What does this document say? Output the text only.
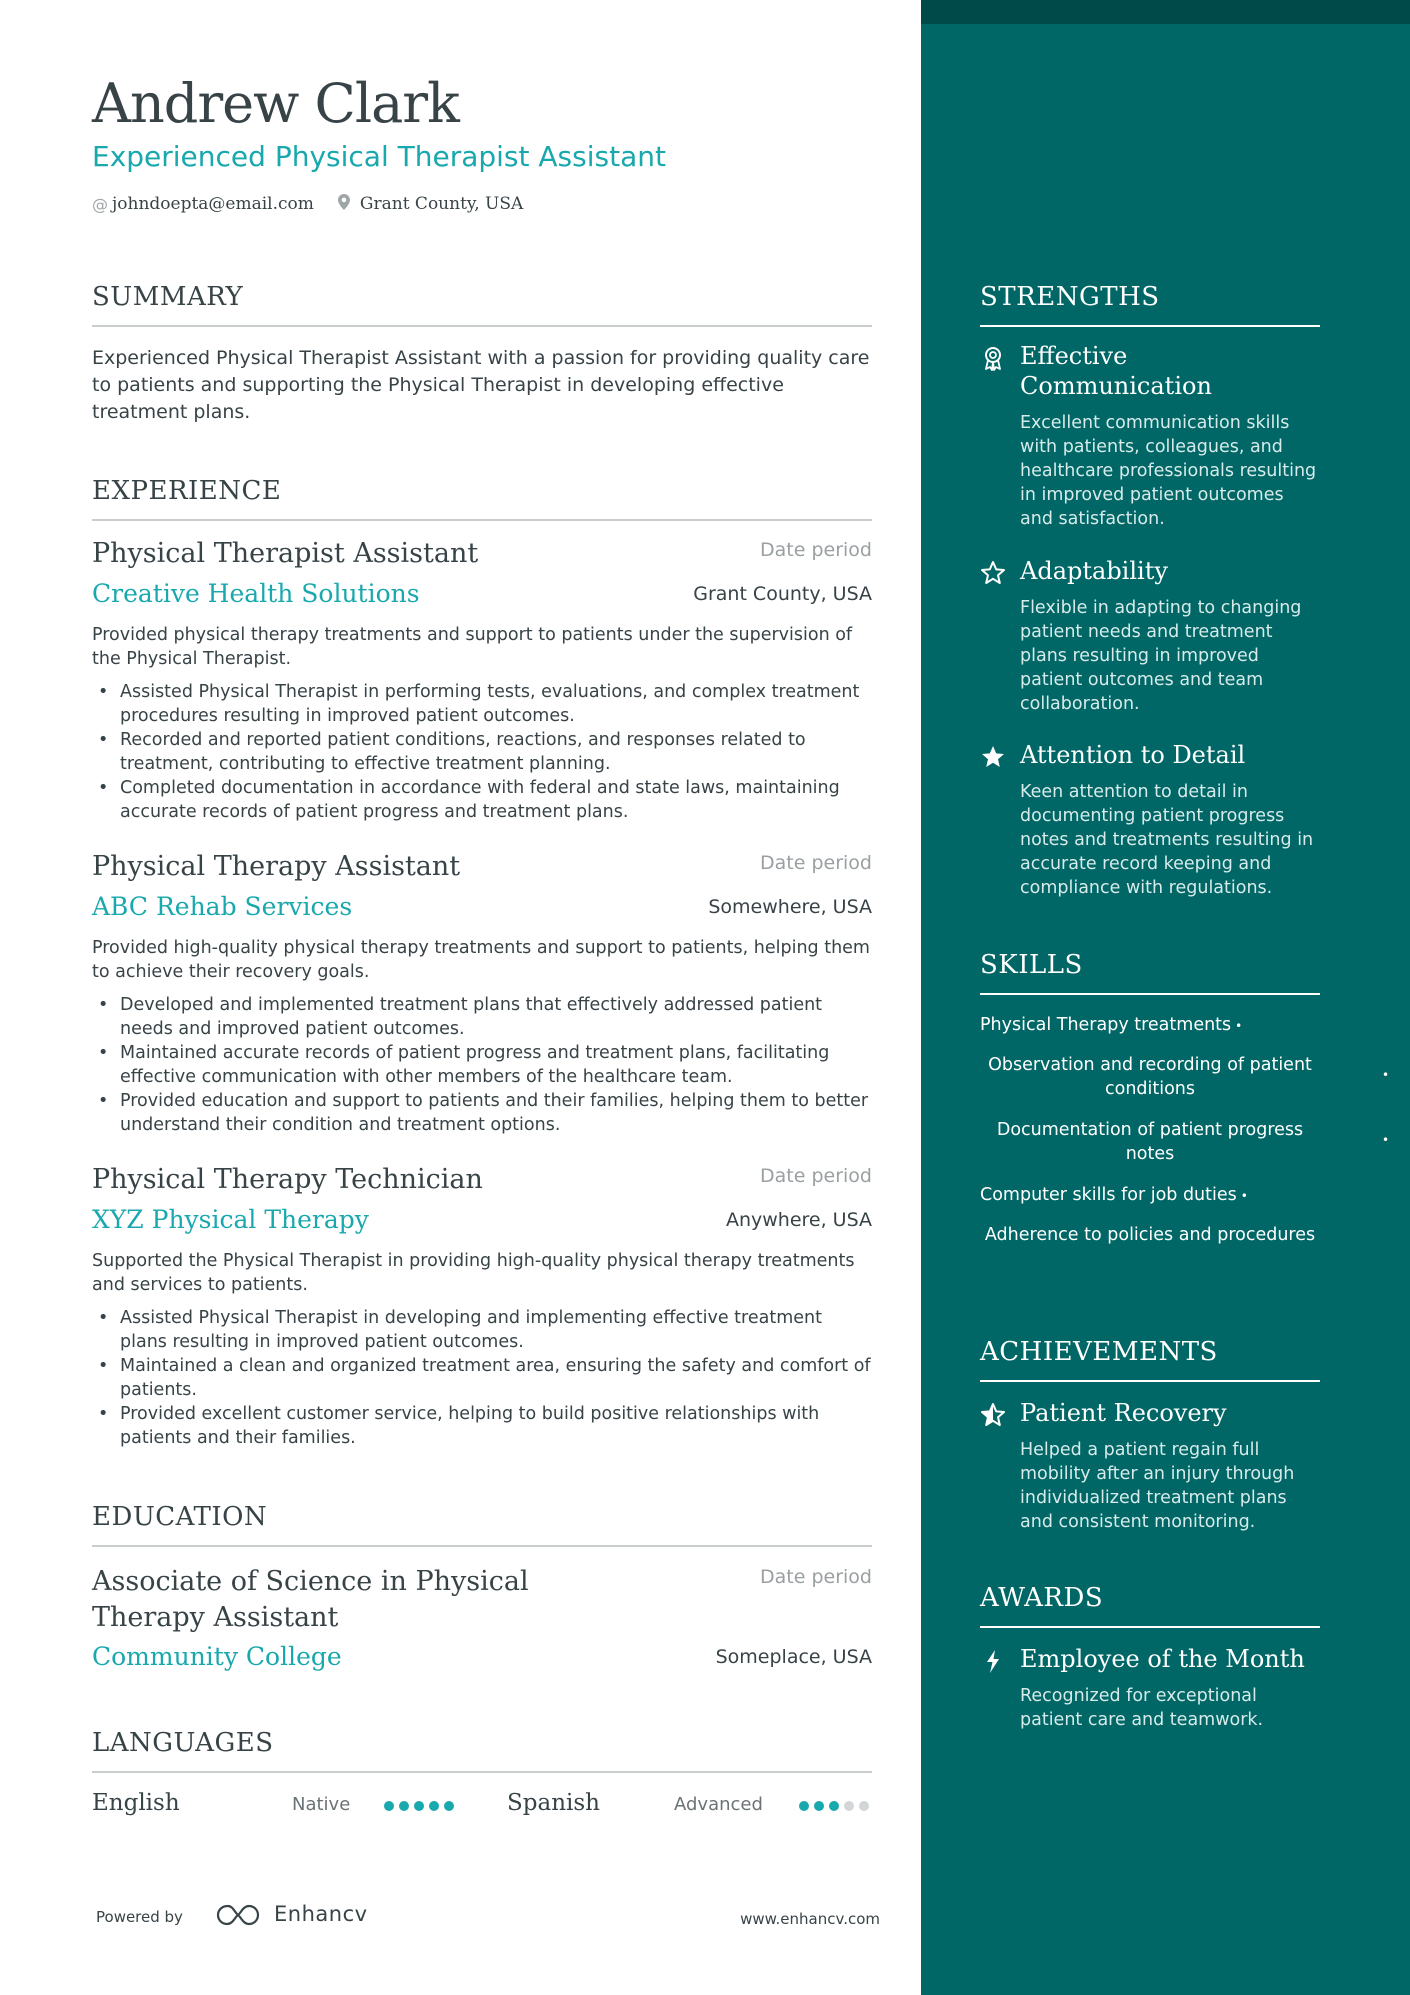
Andrew Clark
Experienced Physical Therapist Assistant
@ johndoepta@email.com	Grant County, USA
SUMMARY
Experienced Physical Therapist Assistant with a passion for providing quality care to patients and supporting the Physical Therapist in developing effective treatment plans.
EXPERIENCE
Physical Therapist Assistant	Date period
Creative Health Solutions	Grant County, USA
Provided physical therapy treatments and support to patients under the supervision of the Physical Therapist.
• Assisted Physical Therapist in performing tests, evaluations, and complex treatment procedures resulting in improved patient outcomes.
• Recorded and reported patient conditions, reactions, and responses related to treatment, contributing to effective treatment planning.
• Completed documentation in accordance with federal and state laws, maintaining accurate records of patient progress and treatment plans.
Physical Therapy Assistant	Date period
ABC Rehab Services	Somewhere, USA
Provided high-quality physical therapy treatments and support to patients, helping them to achieve their recovery goals.
• Developed and implemented treatment plans that effectively addressed patient needs and improved patient outcomes.
• Maintained accurate records of patient progress and treatment plans, facilitating effective communication with other members of the healthcare team.
• Provided education and support to patients and their families, helping them to better understand their condition and treatment options.
Physical Therapy Technician	Date period
XYZ Physical Therapy	Anywhere, USA
Supported the Physical Therapist in providing high-quality physical therapy treatments and services to patients.
• Assisted Physical Therapist in developing and implementing effective treatment plans resulting in improved patient outcomes.
• Maintained a clean and organized treatment area, ensuring the safety and comfort of patients.
• Provided excellent customer service, helping to build positive relationships with patients and their families.
EDUCATION
Associate of Science in Physical Therapy Assistant
Date period
Community College	Someplace, USA
LANGUAGES
English	Native	Spanish	Advanced
Powered by	Enhancv	www.enhancv.com
STRENGTHS
Effective Communication
Excellent communication skills with patients, colleagues, and healthcare professionals resulting in improved patient outcomes and satisfaction.
Adaptability
Flexible in adapting to changing patient needs and treatment plans resulting in improved patient outcomes and team collaboration.
Attention to Detail
Keen attention to detail in documenting patient progress notes and treatments resulting in accurate record keeping and compliance with regulations.
SKILLS
Physical Therapy treatments •
Observation and recording of patient conditions
•
Documentation of patient progress notes
•
Computer skills for job duties •
Adherence to policies and procedures
ACHIEVEMENTS
Patient Recovery
Helped a patient regain full mobility after an injury through individualized treatment plans and consistent monitoring.
AWARDS
Employee of the Month
Recognized for exceptional patient care and teamwork.
